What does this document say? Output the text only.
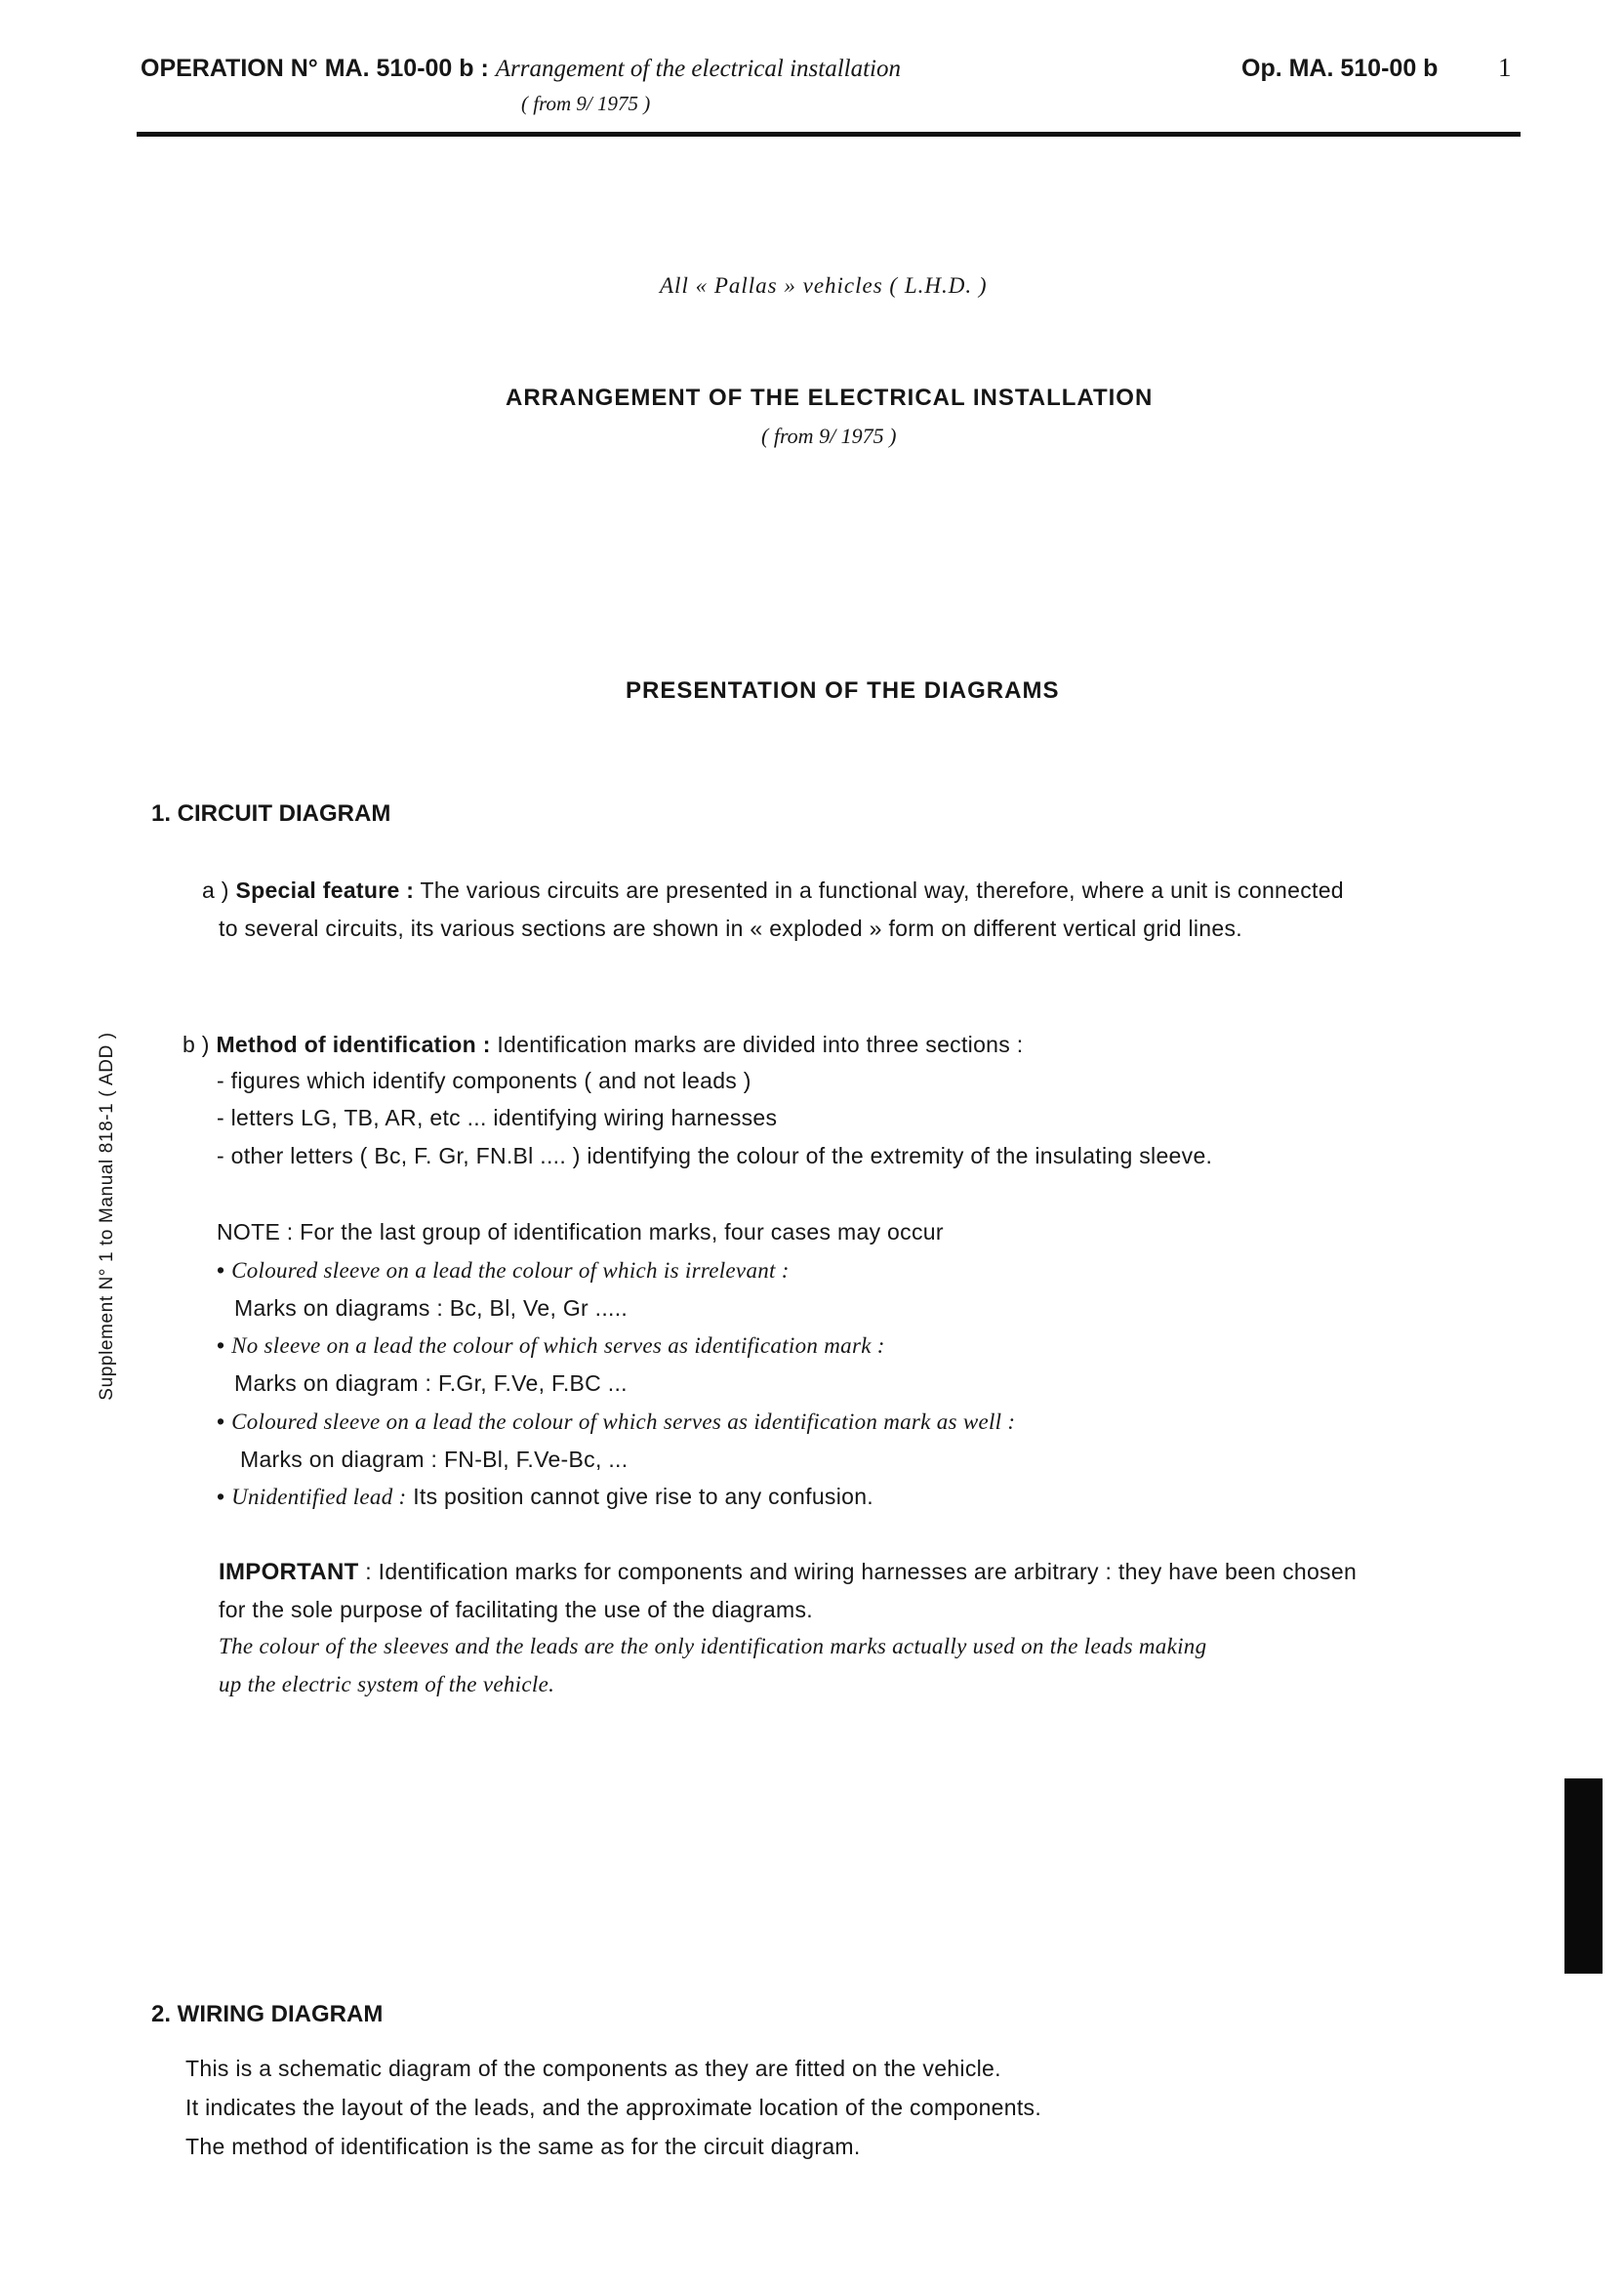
OPERATION N° MA. 510-00 b : Arrangement of the electrical installation
( from 9/ 1975 )
Op. MA. 510-00 b 1
All « Pallas » vehicles ( L.H.D. )
ARRANGEMENT OF THE ELECTRICAL INSTALLATION
( from 9/ 1975 )
PRESENTATION OF THE DIAGRAMS
1. CIRCUIT DIAGRAM
a ) Special feature : The various circuits are presented in a functional way, therefore, where a unit is connected
to several circuits, its various sections are shown in « exploded » form on different vertical grid lines.
b ) Method of identification : Identification marks are divided into three sections :
- figures which identify components ( and not leads )
- letters LG, TB, AR, etc ... identifying wiring harnesses
- other letters ( Bc, F. Gr, FN.Bl .... ) identifying the colour of the extremity of the insulating sleeve.
NOTE : For the last group of identification marks, four cases may occur
• Coloured sleeve on a lead the colour of which is irrelevant :
Marks on diagrams : Bc, Bl, Ve, Gr .....
• No sleeve on a lead the colour of which serves as identification mark :
Marks on diagram : F.Gr, F.Ve, F.BC ...
• Coloured sleeve on a lead the colour of which serves as identification mark as well :
Marks on diagram : FN-Bl, F.Ve-Bc, ...
• Unidentified lead : Its position cannot give rise to any confusion.
IMPORTANT : Identification marks for components and wiring harnesses are arbitrary : they have been chosen
for the sole purpose of facilitating the use of the diagrams.
The colour of the sleeves and the leads are the only identification marks actually used on the leads making
up the electric system of the vehicle.
2. WIRING DIAGRAM
This is a schematic diagram of the components as they are fitted on the vehicle.
It indicates the layout of the leads, and the approximate location of the components.
The method of identification is the same as for the circuit diagram.
Supplement N° 1 to Manual 818-1 ( ADD )
